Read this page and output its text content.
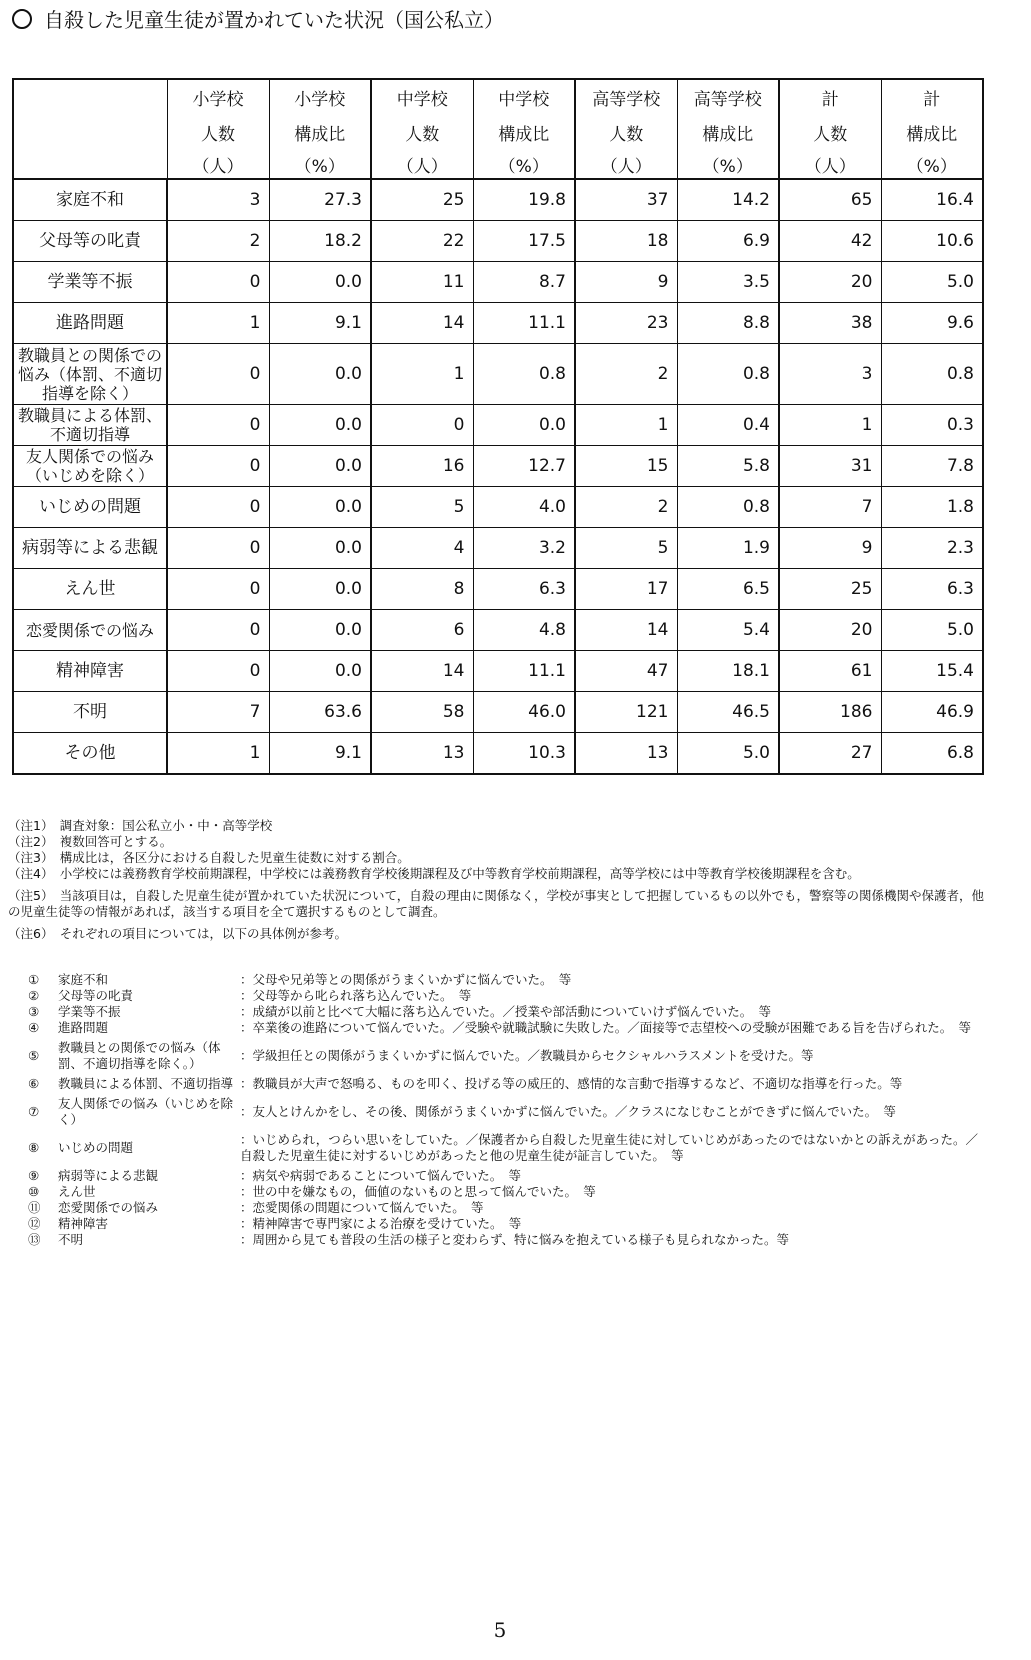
自殺した児童生徒が置かれていた状況（国公私立）
	小学校	小学校	中学校	中学校	高等学校	高等学校	計	計
	人数	構成比	人数	構成比	人数	構成比	人数	構成比
	（人）	（%）	（人）	（%）	（人）	（%）	（人）	（%）
家庭不和	3	27.3	25	19.8	37	14.2	65	16.4
父母等の叱責	2	18.2	22	17.5	18	6.9	42	10.6
学業等不振	0	0.0	11	8.7	9	3.5	20	5.0
進路問題	1	9.1	14	11.1	23	8.8	38	9.6
教職員との関係での悩み（体罰、不適切指導を除く）	0	0.0	1	0.8	2	0.8	3	0.8
教職員による体罰、不適切指導	0	0.0	0	0.0	1	0.4	1	0.3
友人関係での悩み（いじめを除く）	0	0.0	16	12.7	15	5.8	31	7.8
いじめの問題	0	0.0	5	4.0	2	0.8	7	1.8
病弱等による悲観	0	0.0	4	3.2	5	1.9	9	2.3
えん世	0	0.0	8	6.3	17	6.5	25	6.3
恋愛関係での悩み	0	0.0	6	4.8	14	5.4	20	5.0
精神障害	0	0.0	14	11.1	47	18.1	61	15.4
不明	7	63.6	58	46.0	121	46.5	186	46.9
その他	1	9.1	13	10.3	13	5.0	27	6.8

（注1）　調査対象：国公私立小・中・高等学校

（注2）　複数回答可とする。

（注3）　構成比は，各区分における自殺した児童生徒数に対する割合。

（注4）　小学校には義務教育学校前期課程，中学校には義務教育学校後期課程及び中等教育学校前期課程，高等学校には中等教育学校後期課程を含む。

（注5）　当該項目は，自殺した児童生徒が置かれていた状況について，自殺の理由に関係なく，学校が事実として把握しているもの以外でも，警察等の関係機関や保護者，他の児童生徒等の情報があれば，該当する項目を全て選択するものとして調査。

（注6）　それぞれの項目については，以下の具体例が参考。

①	家庭不和	：父母や兄弟等との関係がうまくいかずに悩んでいた。　等
②	父母等の叱責	：父母等から叱られ落ち込んでいた。　等
③	学業等不振	：成績が以前と比べて大幅に落ち込んでいた。／授業や部活動についていけず悩んでいた。　等
④	進路問題	：卒業後の進路について悩んでいた。／受験や就職試験に失敗した。／面接等で志望校への受験が困難である旨を告げられた。　等
⑤	教職員との関係での悩み（体罰、不適切指導を除く。）	：学級担任との関係がうまくいかずに悩んでいた。／教職員からセクシャルハラスメントを受けた。等
⑥	教職員による体罰、不適切指導	：教職員が大声で怒鳴る、ものを叩く、投げる等の威圧的、感情的な言動で指導するなど、不適切な指導を行った。等
⑦	友人関係での悩み（いじめを除く）	：友人とけんかをし、その後、関係がうまくいかずに悩んでいた。／クラスになじむことができずに悩んでいた。　等
⑧	いじめの問題	：いじめられ，つらい思いをしていた。／保護者から自殺した児童生徒に対していじめがあったのではないかとの訴えがあった。／自殺した児童生徒に対するいじめがあったと他の児童生徒が証言していた。　等
⑨	病弱等による悲観	：病気や病弱であることについて悩んでいた。　等
⑩	えん世	：世の中を嫌なもの，価値のないものと思って悩んでいた。　等
⑪	恋愛関係での悩み	：恋愛関係の問題について悩んでいた。　等
⑫	精神障害	：精神障害で専門家による治療を受けていた。　等
⑬	不明	：周囲から見ても普段の生活の様子と変わらず、特に悩みを抱えている様子も見られなかった。等
5
